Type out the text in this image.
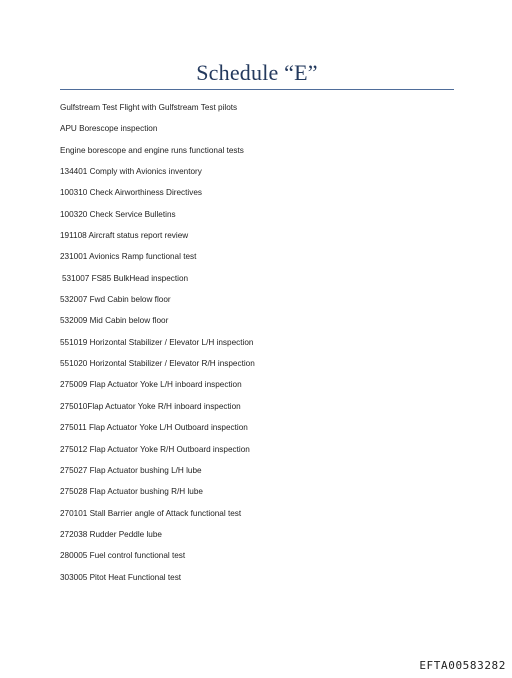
Schedule “E”
Gulfstream Test Flight with Gulfstream Test pilots
APU Borescope inspection
Engine borescope and engine runs functional tests
134401 Comply with Avionics inventory
100310 Check Airworthiness Directives
100320 Check Service Bulletins
191108 Aircraft status report review
231001 Avionics Ramp functional test
531007 FS85 BulkHead inspection
532007 Fwd Cabin below floor
532009 Mid Cabin below floor
551019 Horizontal Stabilizer / Elevator L/H inspection
551020 Horizontal Stabilizer / Elevator R/H inspection
275009 Flap Actuator Yoke L/H inboard inspection
275010Flap Actuator Yoke R/H inboard inspection
275011 Flap Actuator Yoke L/H Outboard inspection
275012 Flap Actuator Yoke R/H Outboard inspection
275027 Flap Actuator bushing L/H lube
275028 Flap Actuator bushing R/H lube
270101 Stall Barrier angle of Attack functional test
272038 Rudder Peddle lube
280005 Fuel control functional test
303005 Pitot Heat Functional test
EFTA00583282
